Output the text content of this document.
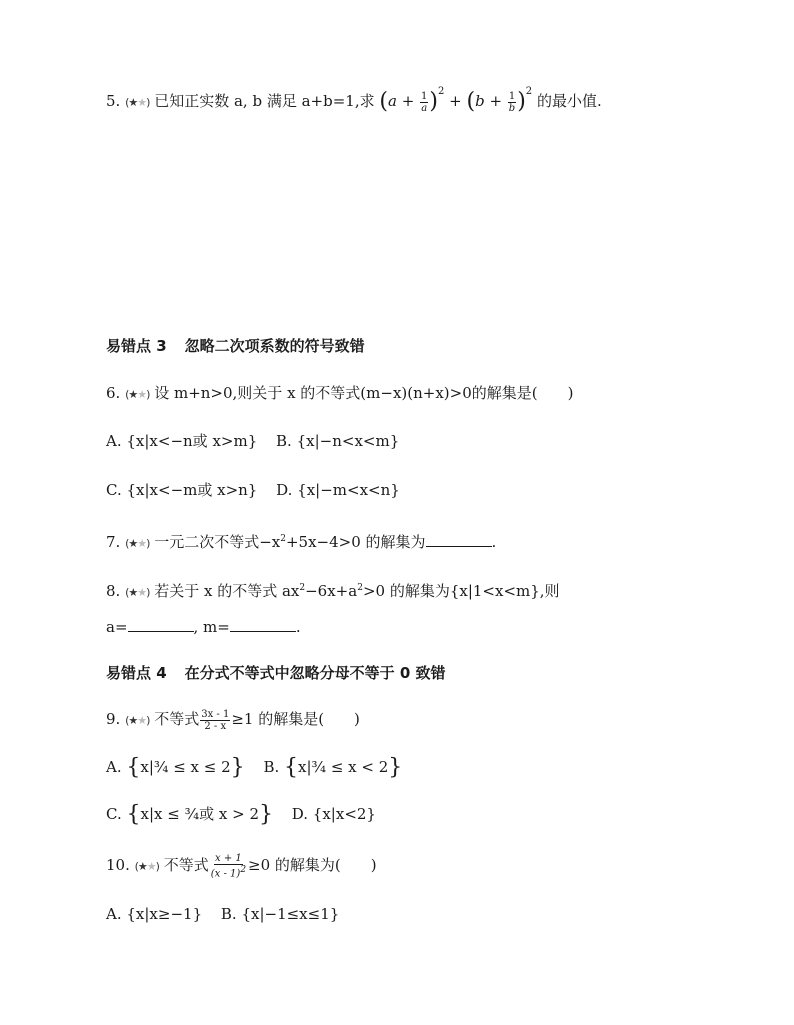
5. (★★) 已知正实数 a, b 满足 a+b=1,求 $(a + \frac{1}{a} )^2 + (b + \frac{1}{b} )^2$ 的最小值.
易错点 3 忽略二次项系数的符号致错
6. (★★) 设 m+n>0,则关于 x 的不等式(m−x)(n+x)>0的解集是(　　)
A. {x|x<−n或 x>m} B. {x|−n<x<m}
C. {x|x<−m或 x>n} D. {x|−m<x<n}
7. (★★) 一元二次不等式$-x^2+5x-4>0$ 的解集为	.
8. (★★) 若关于 x 的不等式 $ax^2-6x+a^2>0$ 的解集为{x|1<x<m},则
a=	, m=	.
易错点 4 在分式不等式中忽略分母不等于 0 致错
9. (★★) 不等式 $\frac{3x - 1}{2 - x} \ge 1$ 的解集是(　　)
A. {x|¾ ≤ x ≤ 2} B. {x|¾ ≤ x < 2}
C. {x|x ≤ ¾或 x > 2} D. {x|x<2}
10. (★★) 不等式 $\frac{x + 1}{(x - 1)2} \ge 0$ 的解集为(　　)
A. {x|x≥−1} B. {x|−1≤x≤1}
